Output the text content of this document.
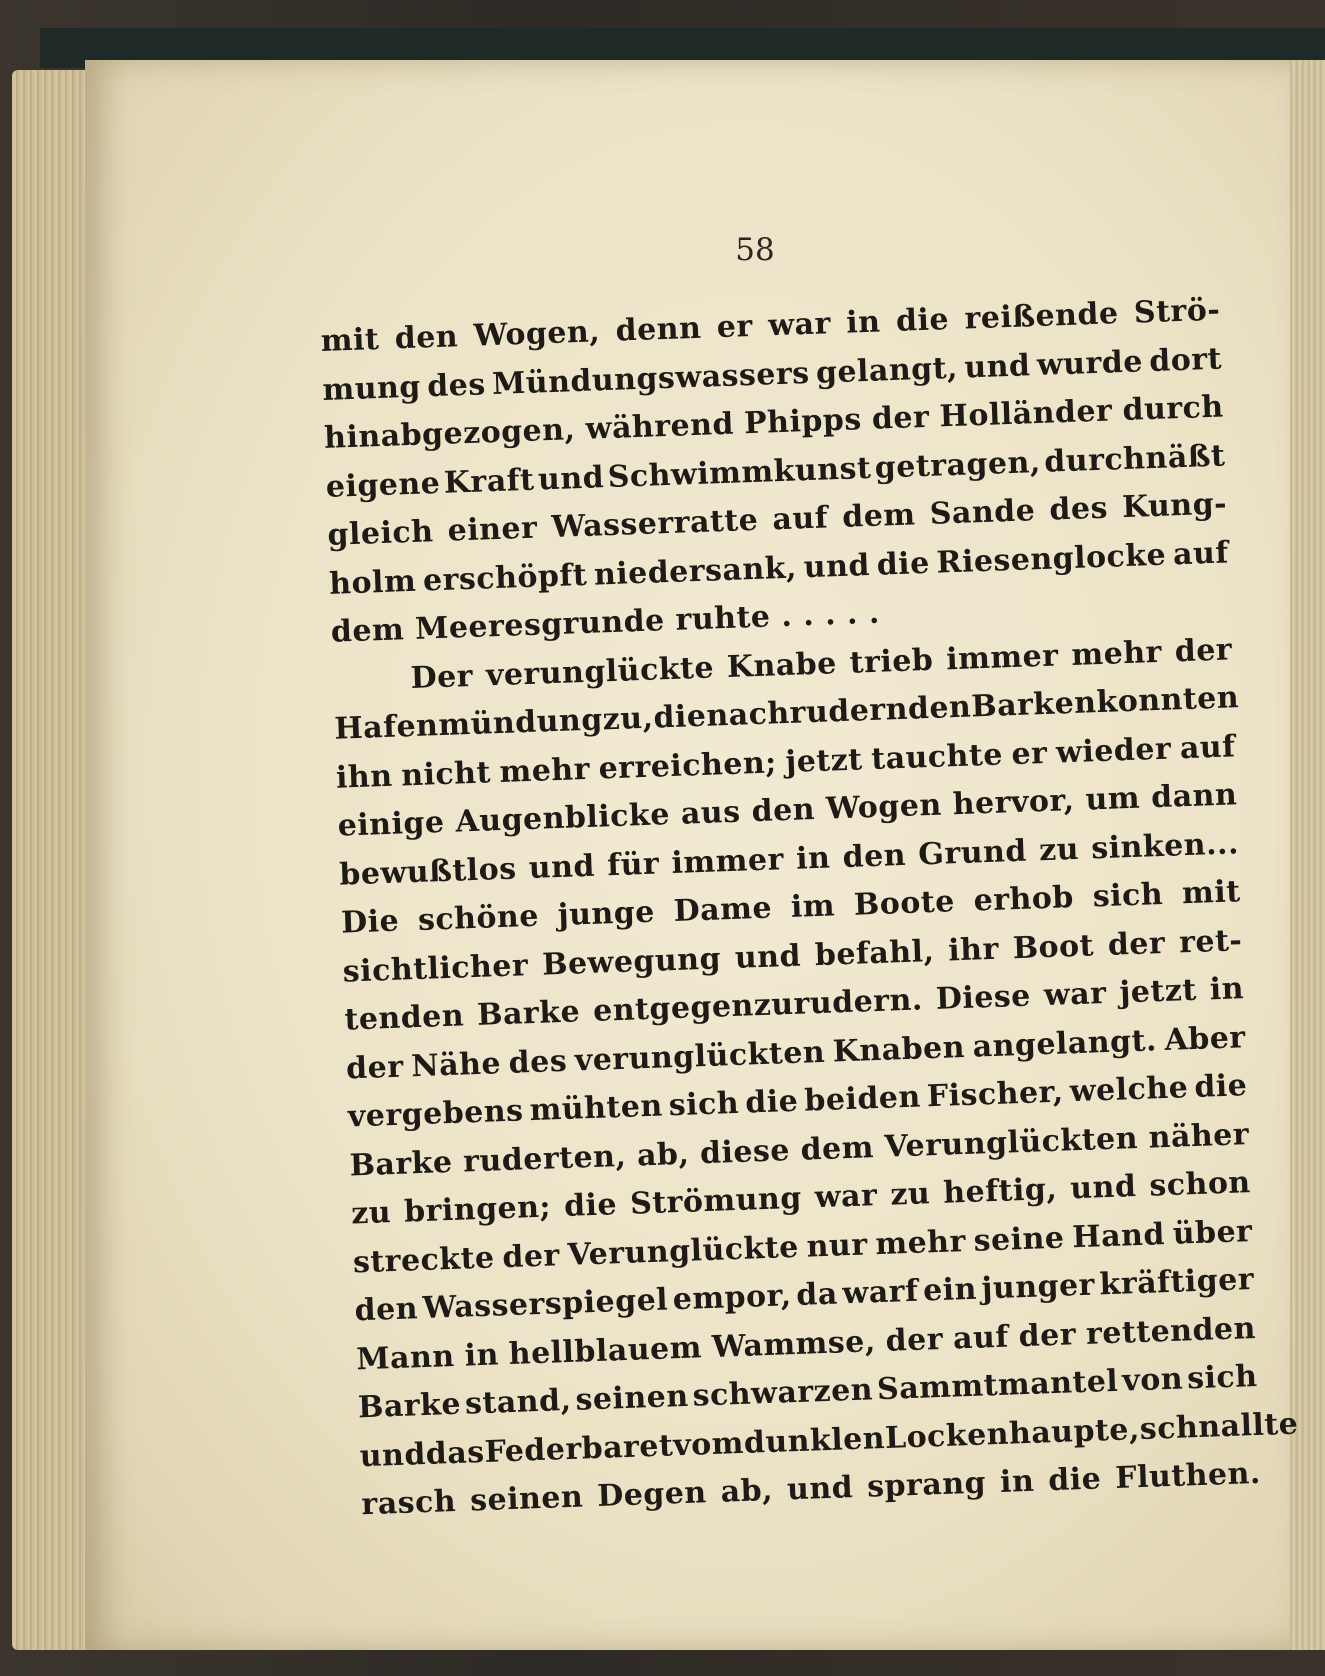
58
mit den Wogen, denn er war in die reißende Strö-
mung des Mündungswassers gelangt, und wurde dort
hinabgezogen, während Phipps der Holländer durch
eigene Kraft und Schwimmkunst getragen, durchnäßt
gleich einer Wasserratte auf dem Sande des Kung-
holm erschöpft niedersank, und die Riesenglocke auf
dem Meeresgrunde ruhte . . . . .
Der verunglückte Knabe trieb immer mehr der
Hafenmündung
zu,
die
nachrudernden
Barken
konnten
ihn nicht mehr erreichen; jetzt tauchte er wieder auf
einige Augenblicke aus den Wogen hervor, um dann
bewußtlos und für immer in den Grund zu sinken...
Die schöne junge Dame im Boote erhob sich mit
sichtlicher Bewegung und befahl, ihr Boot der ret-
tenden Barke entgegenzurudern. Diese war jetzt in
der Nähe des verunglückten Knaben angelangt. Aber
vergebens mühten sich die beiden Fischer, welche die
Barke ruderten, ab, diese dem Verunglückten näher
zu bringen; die Strömung war zu heftig, und schon
streckte der Verunglückte nur mehr seine Hand über
den Wasserspiegel empor, da warf ein junger kräftiger
Mann in hellblauem Wammse, der auf der rettenden
Barke stand, seinen schwarzen Sammtmantel von sich
und
das
Federbaret
vom
dunklen
Lockenhaupte,
schnallte
rasch seinen Degen ab, und sprang in die Fluthen.
